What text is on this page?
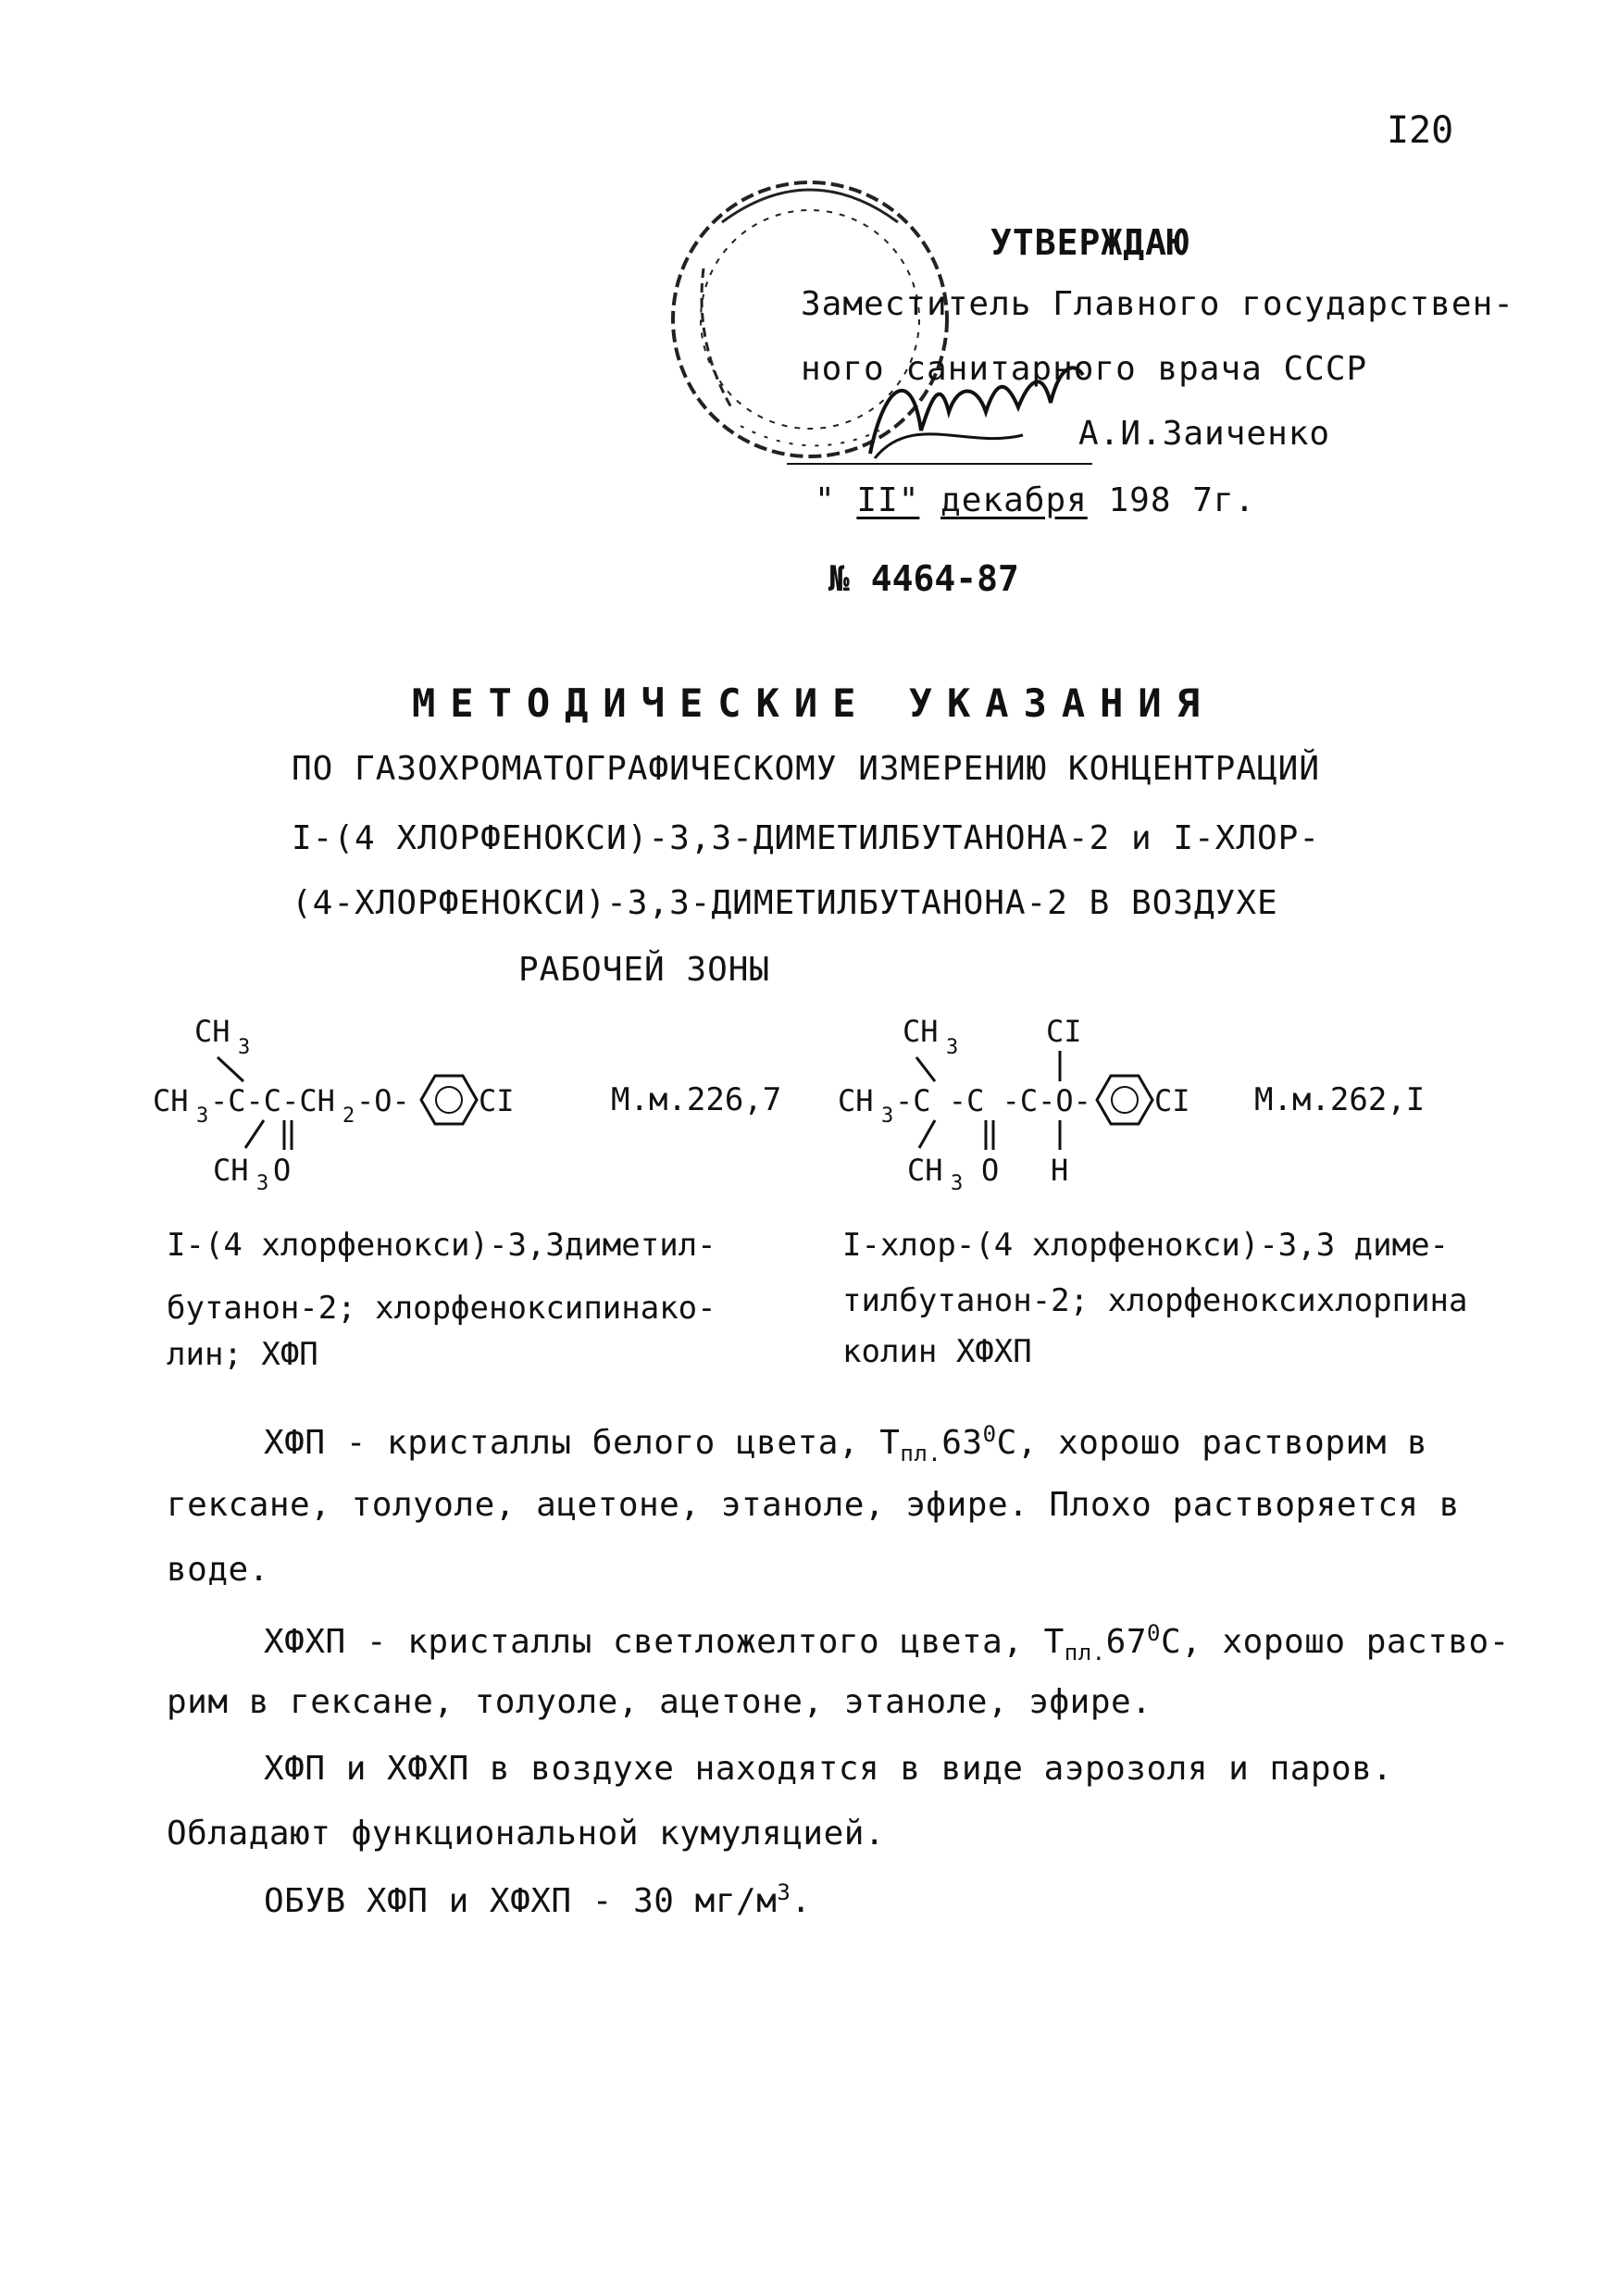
I20
УТВЕРЖДАЮ
Заместитель Главного государствен-
ного санитарного врача СССР
А.И.Заиченко
" II" декабря 198 7г.
№ 4464-87
МЕТОДИЧЕСКИЕ УКАЗАНИЯ
ПО ГАЗОХРОМАТОГРАФИЧЕСКОМУ ИЗМЕРЕНИЮ КОНЦЕНТРАЦИЙ
I-(4 ХЛОРФЕНОКСИ)-3,3-ДИМЕТИЛБУТАНОНА-2 и I-ХЛОР-
(4-ХЛОРФЕНОКСИ)-3,3-ДИМЕТИЛБУТАНОНА-2 В ВОЗДУХЕ
РАБОЧЕЙ ЗОНЫ
CH 3
CH 3 -C-C-CH 2 -O- CI
CH 3 O
М.м.226,7
CH 3	CI
CH 3 -C -C -C-O- CI
CH 3 O H
М.м.262,I
I-(4 хлорфенокси)-3,3диметил-
бутанон-2; хлорфеноксипинако-
лин; ХФП
I-хлор-(4 хлорфенокси)-3,3 диме-
тилбутанон-2; хлорфеноксихлорпина
колин ХФХП
ХФП - кристаллы белого цвета, $Т_{пл.}63^0С$, хорошо растворим в
гексане, толуоле, ацетоне, этаноле, эфире. Плохо растворяется в
воде.
ХФХП - кристаллы светложелтого цвета, $Т_{пл.}67^0С$, хорошо раство-
рим в гексане, толуоле, ацетоне, этаноле, эфире.
ХФП и ХФХП в воздухе находятся в виде аэрозоля и паров.
Обладают функциональной кумуляцией.
ОБУВ ХФП и ХФХП - 30 $мг/м^3$.
